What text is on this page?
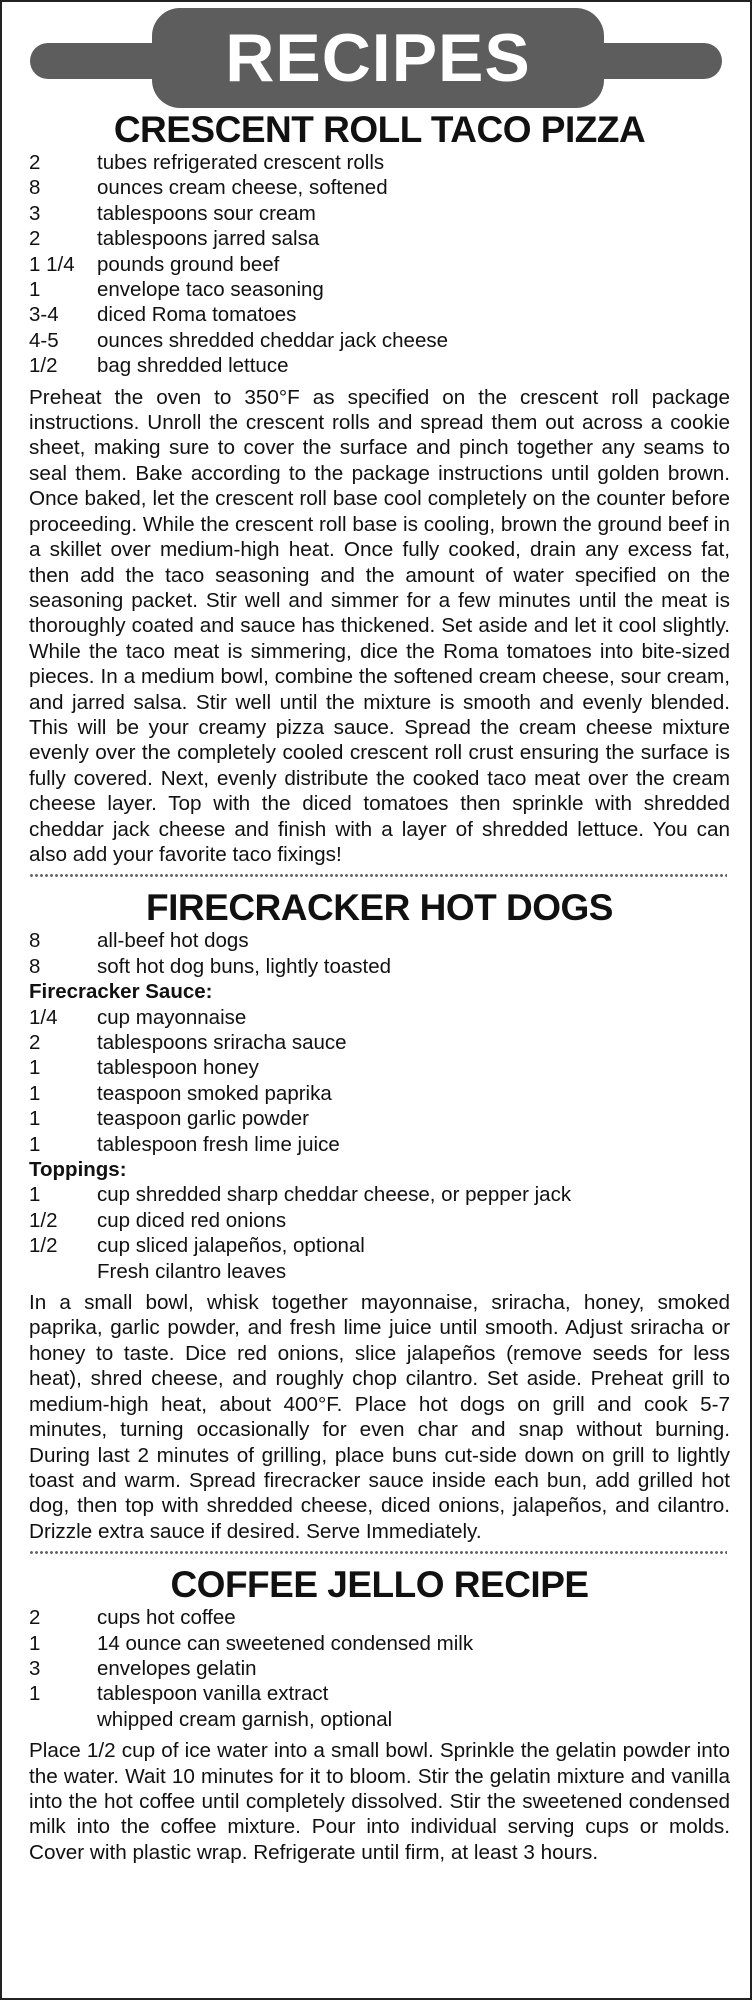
RECIPES
CRESCENT ROLL TACO PIZZA
2	tubes refrigerated crescent rolls
8	ounces cream cheese, softened
3	tablespoons sour cream
2	tablespoons jarred salsa
1 1/4	pounds ground beef
1	envelope taco seasoning
3-4	diced Roma tomatoes
4-5	ounces shredded cheddar jack cheese
1/2	bag shredded lettuce

Preheat the oven to 350°F as specified on the crescent roll package instructions. Unroll the crescent rolls and spread them out across a cookie sheet, making sure to cover the surface and pinch together any seams to seal them. Bake according to the package instructions until golden brown. Once baked, let the crescent roll base cool completely on the counter before proceeding. While the crescent roll base is cooling, brown the ground beef in a skillet over medium-high heat. Once fully cooked, drain any excess fat, then add the taco seasoning and the amount of water specified on the seasoning packet. Stir well and simmer for a few minutes until the meat is thoroughly coated and sauce has thickened. Set aside and let it cool slightly. While the taco meat is simmering, dice the Roma tomatoes into bite-sized pieces. In a medium bowl, combine the softened cream cheese, sour cream, and jarred salsa. Stir well until the mixture is smooth and evenly blended. This will be your creamy pizza sauce. Spread the cream cheese mixture evenly over the completely cooled crescent roll crust ensuring the surface is fully covered. Next, evenly distribute the cooked taco meat over the cream cheese layer. Top with the diced tomatoes then sprinkle with shredded cheddar jack cheese and finish with a layer of shredded lettuce. You can also add your favorite taco fixings!

FIRECRACKER HOT DOGS
8	all-beef hot dogs
8	soft hot dog buns, lightly toasted
Firecracker Sauce:
1/4	cup mayonnaise
2	tablespoons sriracha sauce
1	tablespoon honey
1	teaspoon smoked paprika
1	teaspoon garlic powder
1	tablespoon fresh lime juice
Toppings:
1	cup shredded sharp cheddar cheese, or pepper jack
1/2	cup diced red onions
1/2	cup sliced jalapeños, optional
Fresh cilantro leaves

In a small bowl, whisk together mayonnaise, sriracha, honey, smoked paprika, garlic powder, and fresh lime juice until smooth. Adjust sriracha or honey to taste. Dice red onions, slice jalapeños (remove seeds for less heat), shred cheese, and roughly chop cilantro. Set aside. Preheat grill to medium-high heat, about 400°F. Place hot dogs on grill and cook 5-7 minutes, turning occasionally for even char and snap without burning. During last 2 minutes of grilling, place buns cut-side down on grill to lightly toast and warm. Spread firecracker sauce inside each bun, add grilled hot dog, then top with shredded cheese, diced onions, jalapeños, and cilantro. Drizzle extra sauce if desired. Serve Immediately.

COFFEE JELLO RECIPE
2	cups hot coffee
1	14 ounce can sweetened condensed milk
3	envelopes gelatin
1	tablespoon vanilla extract
whipped cream garnish, optional

Place 1/2 cup of ice water into a small bowl. Sprinkle the gelatin powder into the water. Wait 10 minutes for it to bloom. Stir the gelatin mixture and vanilla into the hot coffee until completely dissolved. Stir the sweetened condensed milk into the coffee mixture. Pour into individual serving cups or molds. Cover with plastic wrap. Refrigerate until firm, at least 3 hours.
